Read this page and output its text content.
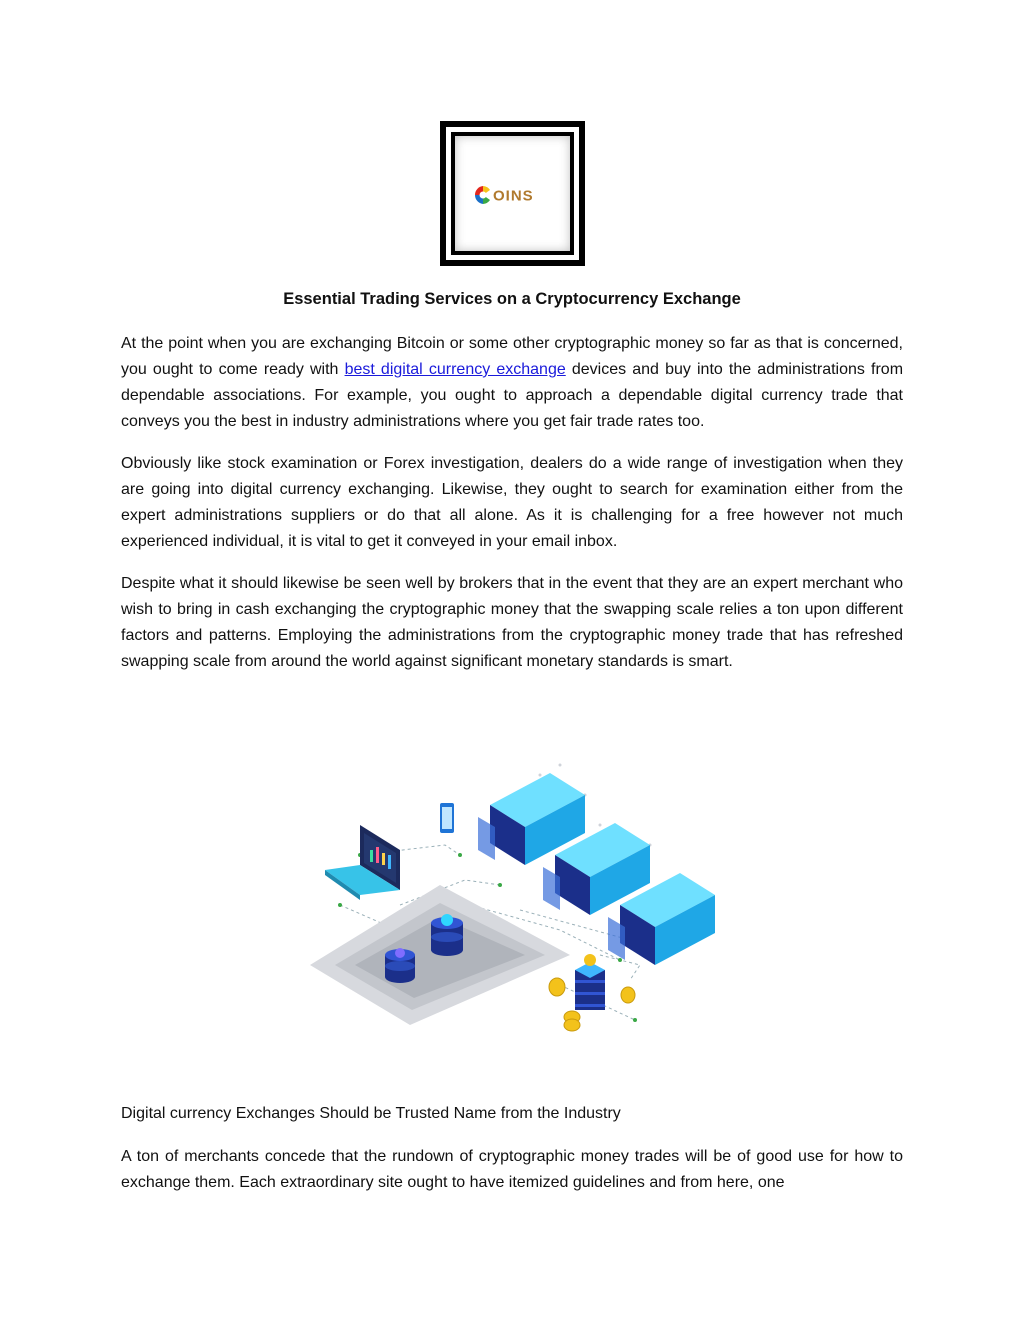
OINS
Essential Trading Services on a Cryptocurrency Exchange

At the point when you are exchanging Bitcoin or some other cryptographic money so far as that is concerned, you ought to come ready with best digital currency exchange devices and buy into the administrations from dependable associations. For example, you ought to approach a dependable digital currency trade that conveys you the best in industry administrations where you get fair trade rates too.

Obviously like stock examination or Forex investigation, dealers do a wide range of investigation when they are going into digital currency exchanging. Likewise, they ought to search for examination either from the expert administrations suppliers or do that all alone. As it is challenging for a free however not much experienced individual, it is vital to get it conveyed in your email inbox.

Despite what it should likewise be seen well by brokers that in the event that they are an expert merchant who wish to bring in cash exchanging the cryptographic money that the swapping scale relies a ton upon different factors and patterns. Employing the administrations from the cryptographic money trade that has refreshed swapping scale from around the world against significant monetary standards is smart.

Digital currency Exchanges Should be Trusted Name from the Industry

A ton of merchants concede that the rundown of cryptographic money trades will be of good use for how to exchange them. Each extraordinary site ought to have itemized guidelines and from here, one
